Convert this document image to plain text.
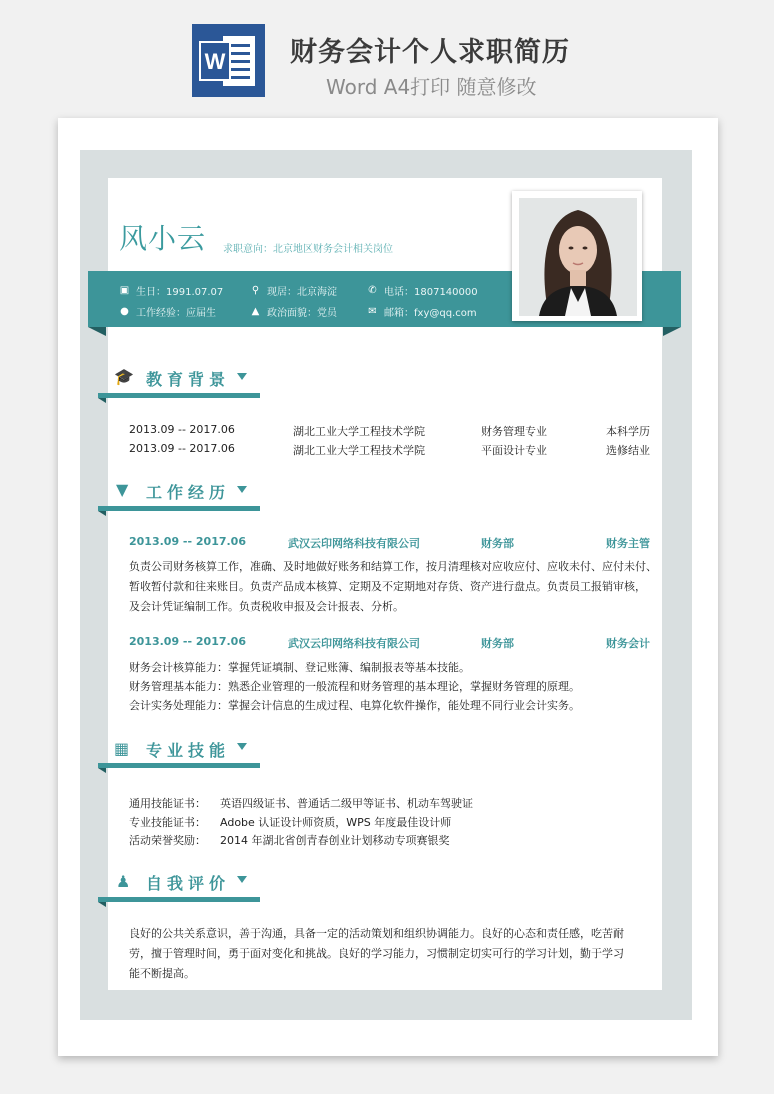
W 财务会计个人求职简历
Word A4打印 随意修改
风小云 求职意向：北京地区财务会计相关岗位
▣ 生日：1991.07.07	⚲ 现居：北京海淀	✆ 电话：1807140000
● 工作经验：应届生	▲ 政治面貌：党员	✉ 邮箱：fxy@qq.com
🎓 教育背景
2013.09 -- 2017.06	湖北工业大学工程技术学院	财务管理专业	本科学历
2013.09 -- 2017.06	湖北工业大学工程技术学院	平面设计专业	选修结业
▼ 工作经历
2013.09 -- 2017.06	武汉云印网络科技有限公司	财务部	财务主管
负责公司财务核算工作，准确、及时地做好账务和结算工作，按月清理核对应收应付、应收未付、应付未付、
暂收暂付款和往来账目。负责产品成本核算、定期及不定期地对存货、资产进行盘点。负责员工报销审核，
及会计凭证编制工作。负责税收申报及会计报表、分析。
2013.09 -- 2017.06	武汉云印网络科技有限公司	财务部	财务会计
财务会计核算能力：掌握凭证填制、登记账簿、编制报表等基本技能。
财务管理基本能力：熟悉企业管理的一般流程和财务管理的基本理论，掌握财务管理的原理。
会计实务处理能力：掌握会计信息的生成过程、电算化软件操作，能处理不同行业会计实务。
▦ 专业技能
通用技能证书： 英语四级证书、普通话二级甲等证书、机动车驾驶证
专业技能证书： Adobe 认证设计师资质，WPS 年度最佳设计师
活动荣誉奖励： 2014 年湖北省创青春创业计划移动专项赛银奖
♟ 自我评价
良好的公共关系意识，善于沟通，具备一定的活动策划和组织协调能力。良好的心态和责任感，吃苦耐
劳，擅于管理时间，勇于面对变化和挑战。良好的学习能力，习惯制定切实可行的学习计划，勤于学习
能不断提高。
